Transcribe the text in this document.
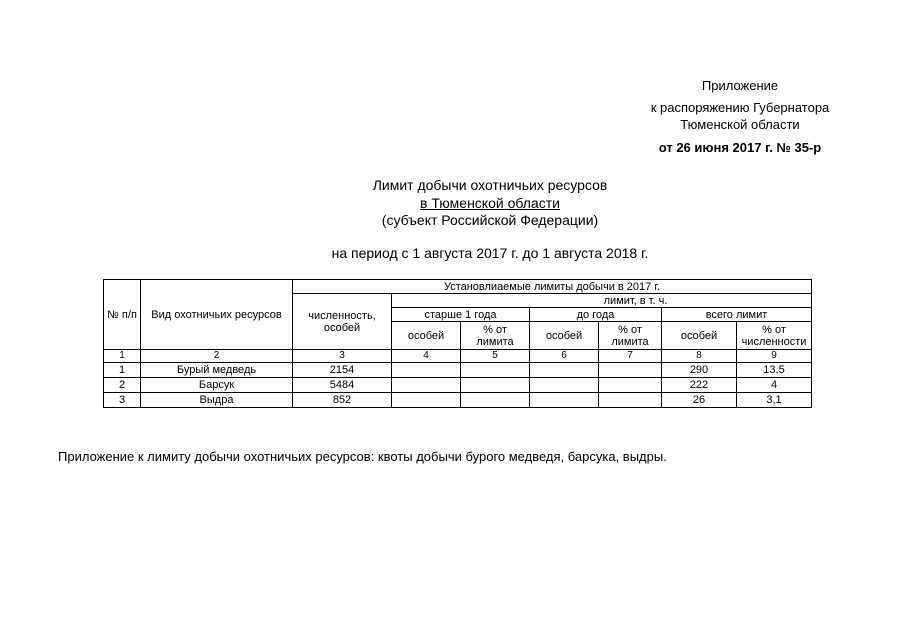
Приложение
к распоряжению Губернатора
Тюменской области
от 26 июня 2017 г. № 35-р
Лимит добычи охотничьих ресурсов
в Тюменской области
(субъект Российской Федерации)
на период с 1 августа 2017 г. до 1 августа 2018 г.
№ п/п	Вид охотничьих ресурсов	Установлиаемые лимиты добычи в 2017 г.						
		численность, особей	лимит, в т. ч.					
			старше 1 года		до года		всего лимит	
			особей	% от лимита	особей	% от лимита	особей	% от численности
1	2	3	4	5	6	7	8	9
1	Бурый медведь	2154					290	13,5
2	Барсук	5484					222	4
3	Выдра	852					26	3,1
Приложение к лимиту добычи охотничьих ресурсов: квоты добычи бурого медведя, барсука, выдры.
